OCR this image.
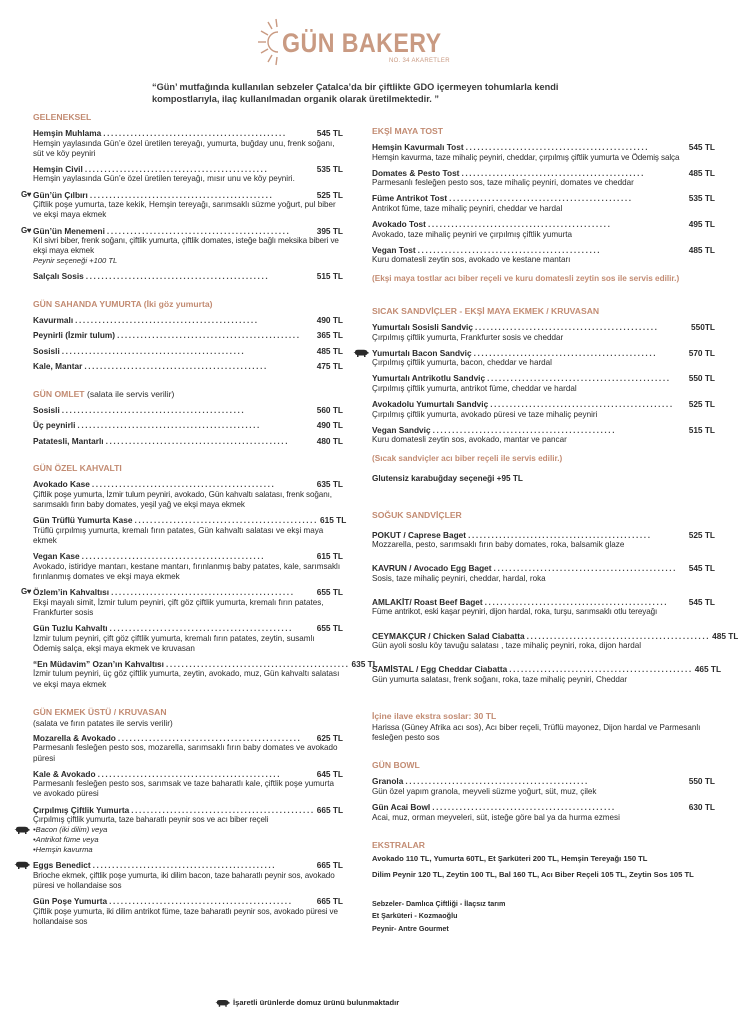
GÜN BAKERY
NO. 34 AKARETLER
“Gün’ mutfağında kullanılan sebzeler Çatalca’da bir çiftlikte GDO içermeyen tohumlarla kendi kompostlarıyla, ilaç kullanılmadan organik olarak üretilmektedir. ”
GELENEKSEL
Hemşin Muhlama ...............................................	545 TL
Hemşin yaylasında Gün’e özel üretilen tereyağı, yumurta, buğday unu, frenk soğanı, süt ve köy peyniri
Hemşin Civil ...............................................	535 TL
Hemşin yaylasında Gün’e özel üretilen tereyağı, mısır unu ve köy peyniri.
G♥ Gün’ün Çılbırı ...............................................	525 TL
Çiftlik poşe yumurta, taze kekik, Hemşin tereyağı, sarımsaklı süzme yoğurt, pul biber ve ekşi maya ekmek
G♥ Gün’ün Menemeni ...............................................	395 TL
Kıl sivri biber, frenk soğanı, çiftlik yumurta, çiftlik domates, isteğe bağlı meksika biberi ve ekşi maya ekmek
Peynir seçeneği +100 TL
Salçalı Sosis ...............................................	515 TL
GÜN SAHANDA YUMURTA (İki göz yumurta)
Kavurmalı ...............................................	490 TL
Peynirli (İzmir tulum) ...............................................	365 TL
Sosisli ...............................................	485 TL
Kale, Mantar ...............................................	475 TL
GÜN OMLET (salata ile servis verilir)
Sosisli ...............................................	560 TL
Üç peynirli ...............................................	490 TL
Patatesli, Mantarlı ...............................................	480 TL
GÜN ÖZEL KAHVALTI
Avokado Kase ...............................................	635 TL
Çiftlik poşe yumurta, İzmir tulum peyniri, avokado, Gün kahvaltı salatası, frenk soğanı, sarımsaklı fırın baby domates, yeşil yağ ve ekşi maya ekmek
Gün Trüflü Yumurta Kase ............................................... 615 TL
Trüflü çırpılmış yumurta, kremalı fırın patates, Gün kahvaltı salatası ve ekşi maya ekmek
Vegan Kase ...............................................	615 TL
Avokado, istiridye mantarı, kestane mantarı, fırınlanmış baby patates, kale, sarımsaklı fırınlanmış domates ve ekşi maya ekmek
G♥ Özlem’in Kahvaltısı ...............................................	655 TL
Ekşi mayalı simit, İzmir tulum peyniri, çift göz çiftlik yumurta, kremalı fırın patates, Frankfurter sosis
Gün Tuzlu Kahvaltı ...............................................	655 TL
İzmir tulum peyniri, çift göz çiftlik yumurta, kremalı fırın patates, zeytin, susamlı Ödemiş salça, ekşi maya ekmek ve kruvasan
“En Müdavim” Ozan’ın Kahvaltısı ............................................... 635 TL
İzmir tulum peyniri, üç göz çiftlik yumurta, zeytin, avokado, muz, Gün kahvaltı salatası ve ekşi maya ekmek
GÜN EKMEK ÜSTÜ / KRUVASAN
(salata ve fırın patates ile servis verilir)
Mozarella & Avokado ...............................................	625 TL
Parmesanlı fesleğen pesto sos, mozarella, sarımsaklı fırın baby domates ve avokado püresi
Kale & Avokado ...............................................	645 TL
Parmesanlı fesleğen pesto sos, sarımsak ve taze baharatlı kale, çiftlik poşe yumurta ve avokado püresi
Çırpılmış Çiftlik Yumurta ............................................... 665 TL
Çırpılmış çiftlik yumurta, taze baharatlı peynir sos ve acı biber reçeli
•Bacon (iki dilim) veya
•Antrikot füme veya
•Hemşin kavurma
Eggs Benedict ...............................................	665 TL
Brioche ekmek, çiftlik poşe yumurta, iki dilim bacon, taze baharatlı peynir sos, avokado püresi ve hollandaise sos
Gün Poşe Yumurta ...............................................	665 TL
Çiftlik poşe yumurta, iki dilim antrikot füme, taze baharatlı peynir sos, avokado püresi ve hollandaise sos
EKŞİ MAYA TOST
Hemşin Kavurmalı Tost ...............................................	545 TL
Hemşin kavurma, taze mihaliç peyniri, cheddar, çırpılmış çiftlik yumurta ve Ödemiş salça
Domates & Pesto Tost ...............................................	485 TL
Parmesanlı fesleğen pesto sos, taze mihaliç peyniri, domates ve cheddar
Füme Antrikot Tost ...............................................	535 TL
Antrikot füme, taze mihaliç peyniri, cheddar ve hardal
Avokado Tost ...............................................	495 TL
Avokado, taze mihaliç peyniri ve çırpılmış çiftlik yumurta
Vegan Tost ...............................................	485 TL
Kuru domatesli zeytin sos, avokado ve kestane mantarı
(Ekşi maya tostlar acı biber reçeli ve kuru domatesli zeytin sos ile servis edilir.)
SICAK SANDVİÇLER - EKŞİ MAYA EKMEK / KRUVASAN
Yumurtalı Sosisli Sandviç ...............................................	550TL
Çırpılmış çiftlik yumurta, Frankfurter sosis ve cheddar
Yumurtalı Bacon Sandviç ...............................................	570 TL
Çırpılmış çiftlik yumurta, bacon, cheddar ve hardal
Yumurtalı Antrikotlu Sandviç ...............................................	550 TL
Çırpılmış çiftlik yumurta, antrikot füme, cheddar ve hardal
Avokadolu Yumurtalı Sandviç ...............................................	525 TL
Çırpılmış çiftlik yumurta, avokado püresi ve taze mihaliç peyniri
Vegan Sandviç ...............................................	515 TL
Kuru domatesli zeytin sos, avokado, mantar ve pancar
(Sıcak sandviçler acı biber reçeli ile servis edilir.)
Glutensiz karabuğday seçeneği +95 TL
SOĞUK SANDVİÇLER
POKUT / Caprese Baget ...............................................	525 TL
Mozzarella, pesto, sarımsaklı fırın baby domates, roka, balsamik glaze
KAVRUN / Avocado Egg Baget ...............................................	545 TL
Sosis, taze mihaliç peyniri, cheddar, hardal, roka
AMLAKİT/ Roast Beef Baget ...............................................	545 TL
Füme antrikot, eski kaşar peyniri, dijon hardal, roka, turşu, sarımsaklı otlu tereyağı
CEYMAKÇUR / Chicken Salad Ciabatta ............................................... 485 TL
Gün ayoli soslu köy tavuğu salatası , taze mihaliç peyniri, roka, dijon hardal
SAMİSTAL / Egg Cheddar Ciabatta ............................................... 465 TL
Gün yumurta salatası, frenk soğanı, roka, taze mihaliç peyniri, Cheddar
İçine ilave ekstra soslar: 30 TL
Harissa (Güney Afrika acı sos), Acı biber reçeli, Trüflü mayonez, Dijon hardal ve Parmesanlı fesleğen pesto sos
GÜN BOWL
Granola ...............................................	550 TL
Gün özel yapım granola, meyveli süzme yoğurt, süt, muz, çilek
Gün Acai Bowl ...............................................	630 TL
Acai, muz, orman meyveleri, süt, isteğe göre bal ya da hurma ezmesi
EKSTRALAR
Avokado 110 TL, Yumurta 60TL, Et Şarküteri 200 TL, Hemşin Tereyağı 150 TL
Dilim Peynir 120 TL, Zeytin 100 TL, Bal 160 TL, Acı Biber Reçeli 105 TL, Zeytin Sos 105 TL
Sebzeler- Damlıca Çiftliği - İlaçsız tarım
Et Şarküteri - Kozmaoğlu
Peynir- Antre Gourmet
İşaretli ürünlerde domuz ürünü bulunmaktadır
